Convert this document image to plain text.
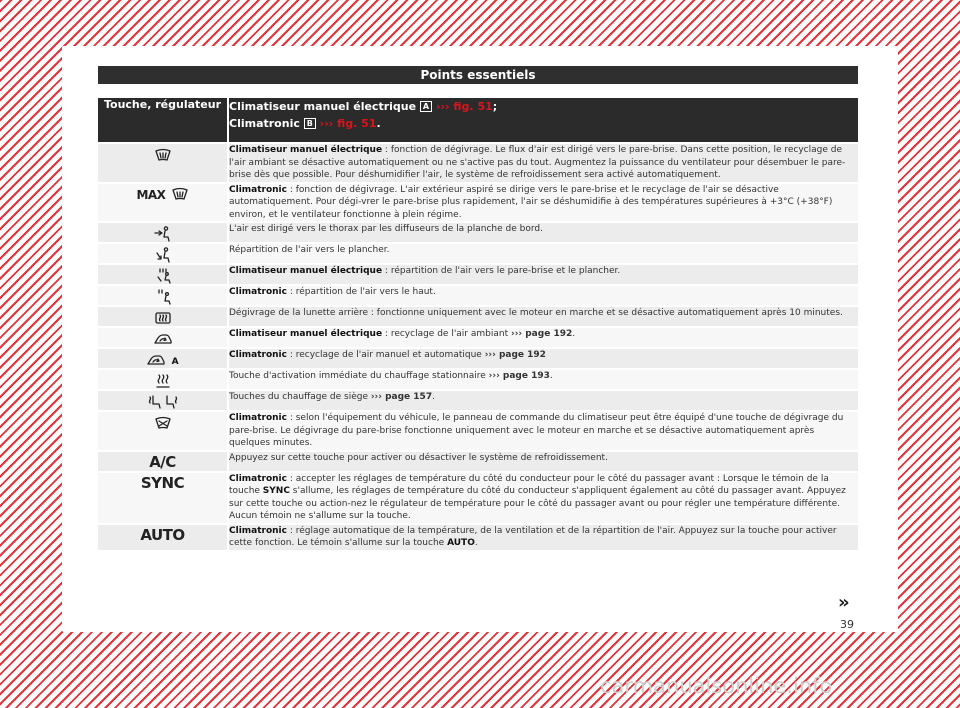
Points essentiels
Touche, régulateur	Climatiseur manuel électrique A ››› fig. 51;
Climatronic B ››› fig. 51.
	Climatiseur manuel électrique : fonction de dégivrage. Le flux d'air est dirigé vers le pare-brise. Dans cette position, le recyclage de l'air ambiant se désactive automatiquement ou ne s'active pas du tout. Augmentez la puissance du ventilateur pour désembuer le pare-brise dès que possible. Pour déshumidifier l'air, le système de refroidissement sera activé automatiquement.
MAX	Climatronic : fonction de dégivrage. L'air extérieur aspiré se dirige vers le pare-brise et le recyclage de l'air se désactive automatiquement. Pour dégi-vrer le pare-brise plus rapidement, l'air se déshumidifie à des températures supérieures à +3°C (+38°F) environ, et le ventilateur fonctionne à plein régime.
	L'air est dirigé vers le thorax par les diffuseurs de la planche de bord.
	Répartition de l'air vers le plancher.
	Climatiseur manuel électrique : répartition de l'air vers le pare-brise et le plancher.
	Climatronic : répartition de l'air vers le haut.
	Dégivrage de la lunette arrière : fonctionne uniquement avec le moteur en marche et se désactive automatiquement après 10 minutes.
	Climatiseur manuel électrique : recyclage de l'air ambiant ››› page 192.
A	Climatronic : recyclage de l'air manuel et automatique ››› page 192
	Touche d'activation immédiate du chauffage stationnaire ››› page 193.
	Touches du chauffage de siège ››› page 157.
	Climatronic : selon l'équipement du véhicule, le panneau de commande du climatiseur peut être équipé d'une touche de dégivrage du pare-brise. Le dégivrage du pare-brise fonctionne uniquement avec le moteur en marche et se désactive automatiquement après quelques minutes.
A/C	Appuyez sur cette touche pour activer ou désactiver le système de refroidissement.
SYNC	Climatronic : accepter les réglages de température du côté du conducteur pour le côté du passager avant : Lorsque le témoin de la touche SYNC s'allume, les réglages de température du côté du conducteur s'appliquent également au côté du passager avant. Appuyez sur cette touche ou action-nez le régulateur de température pour le côté du passager avant ou pour régler une température différente. Aucun témoin ne s'allume sur la touche.
AUTO	Climatronic : réglage automatique de la température, de la ventilation et de la répartition de l'air. Appuyez sur la touche pour activer cette fonction. Le témoin s'allume sur la touche AUTO.
»
39
carmanualsonline.info
